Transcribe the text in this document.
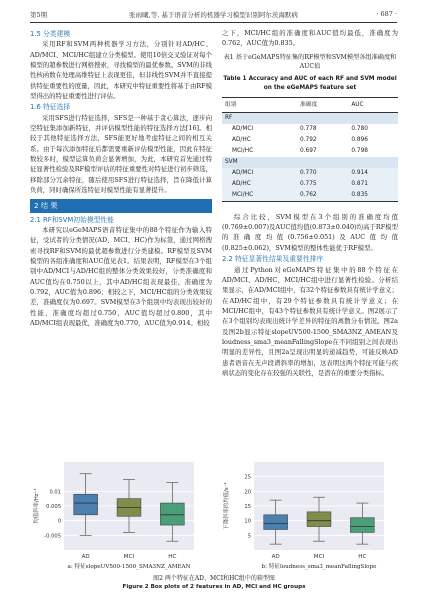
第5期	张雨曦,等. 基于语音分析的机器学习模型识别阿尔茨海默病	· 687 ·
1.5 分类建模

采用RF和SVM两种机器学习方法，分别针对AD/HC、AD/MCI、MCI/HC组建立分类模型。使用10倍交叉验证对每个模型的超参数进行网格搜索，寻找模型的最优参数。SVM的非线性核函数在处理高维特征上表现更佳，但非线性SVM并不直接提供特征重要性的度量，因此，本研究中特征重要性将基于由RF模型得出的特征重要性进行评估。

1.6 特征选择

采用SFS进行特征选择，SFS是一种基于贪心算法，逐步向空特征集添加新特征，并评估模型性能的特征选择方法[16]。相较于其他特征选择方法，SFS能更好地考虑特征之间的相互关系。由于每次添加特征后都需要重新评估模型性能，因此在特征数较多时，模型运算负荷会显著增加，为此，本研究首先通过特征显著性检验及RF模型评估的特征重要性对特征进行初步筛选，移除部分冗余特征，随后使用SFS进行特征选择，旨在降低计算负荷，同时确保所选特征对模型性能有显著提升。

2 结 果
2.1 RF和SVM初始模型性能

本研究以eGeMAPS语音特征集中的88个特征作为输入特征，受试者的分类情况(AD、MCI、HC)作为标签，通过网格搜索寻找RF和SVM的最优超参数进行分类建模。RF模型及SVM模型的各组准确度和AUC值见表1。结果表明，RF模型在3个组别中AD/MCI与AD/HC组的整体分类效果较好，分类准确度和AUC值均在0.750以上，其中AD/HC组表现最佳，准确度为0.792，AUC值为0.896；相较之下，MCI/HC组的分类效果较差，准确度仅为0.697。SVM模型在3个组别中均表现出较好的性能，准确度均超过0.750，AUC值均超过0.800，其中AD/MCI组表现最优，准确度为0.770，AUC值为0.914。相较

之下，MCI/HC组的准确度和AUC值均最低，准确度为0.762，AUC值为0.835。

表1 基于eGeMAPS特征集的RF模型和SVM模型各组准确度和AUC值
Table 1 Accuracy and AUC of each RF and SVM model on the eGeMAPS feature set
组别	准确度	AUC
RF		
AD/MCI	0.778	0.780
AD/HC	0.792	0.896
MCI/HC	0.697	0.798
SVM		
AD/MCI	0.770	0.914
AD/HC	0.775	0.871
MCI/HC	0.762	0.835

综合比较，SVM模型在3个组别的准确度均值(0.769±0.007)及AUC值均值(0.873±0.040)均高于RF模型的准确度均值(0.756±0.051)及AUC值均值(0.825±0.062)，SVM模型的整体性能优于RF模型。

2.2 特征显著性结果及重要性排序

通过Python对eGeMAPS特征集中的88个特征在AD/MCI、AD/HC、MCI/HC组中进行显著性检验。分析结果显示，在AD/MCI组中，有32个特征参数具有统计学意义；在AD/HC组中，有29个特征参数具有统计学意义；在MCI/HC组中，有43个特征参数具有统计学意义。图2展示了在3个组别均表现出统计学差异的特征的离散分布情况。图2a及图2b显示特征slopeUV500-1500_SMA3NZ_AMEAN及loudness_sma3_meanFallingSlope在不同组别之间表现出明显的差异性，且图2a呈现出明显的递减趋势，可能反映AD患者语音在无声段谱斜率的增加，这表明这两个特征可能与疾病状态的变化存在较强的关联性，是潜在的重要分类指标。

0.01
0.005
0
-0.005
均值斜率/Hz⁻¹
AD	MCI	HC
a: 特征slopeUV500-1500_SMA3NZ_AMEAN
25
20
15
10
5
下降斜率的均值/s⁻¹
AD	MCI	HC
b: 特征loudness_sma3_meanFallingSlope
图2 两个特征在AD、MCI和HC组中的箱型图
Figure 2 Box plots of 2 features in AD, MCI and HC groups
